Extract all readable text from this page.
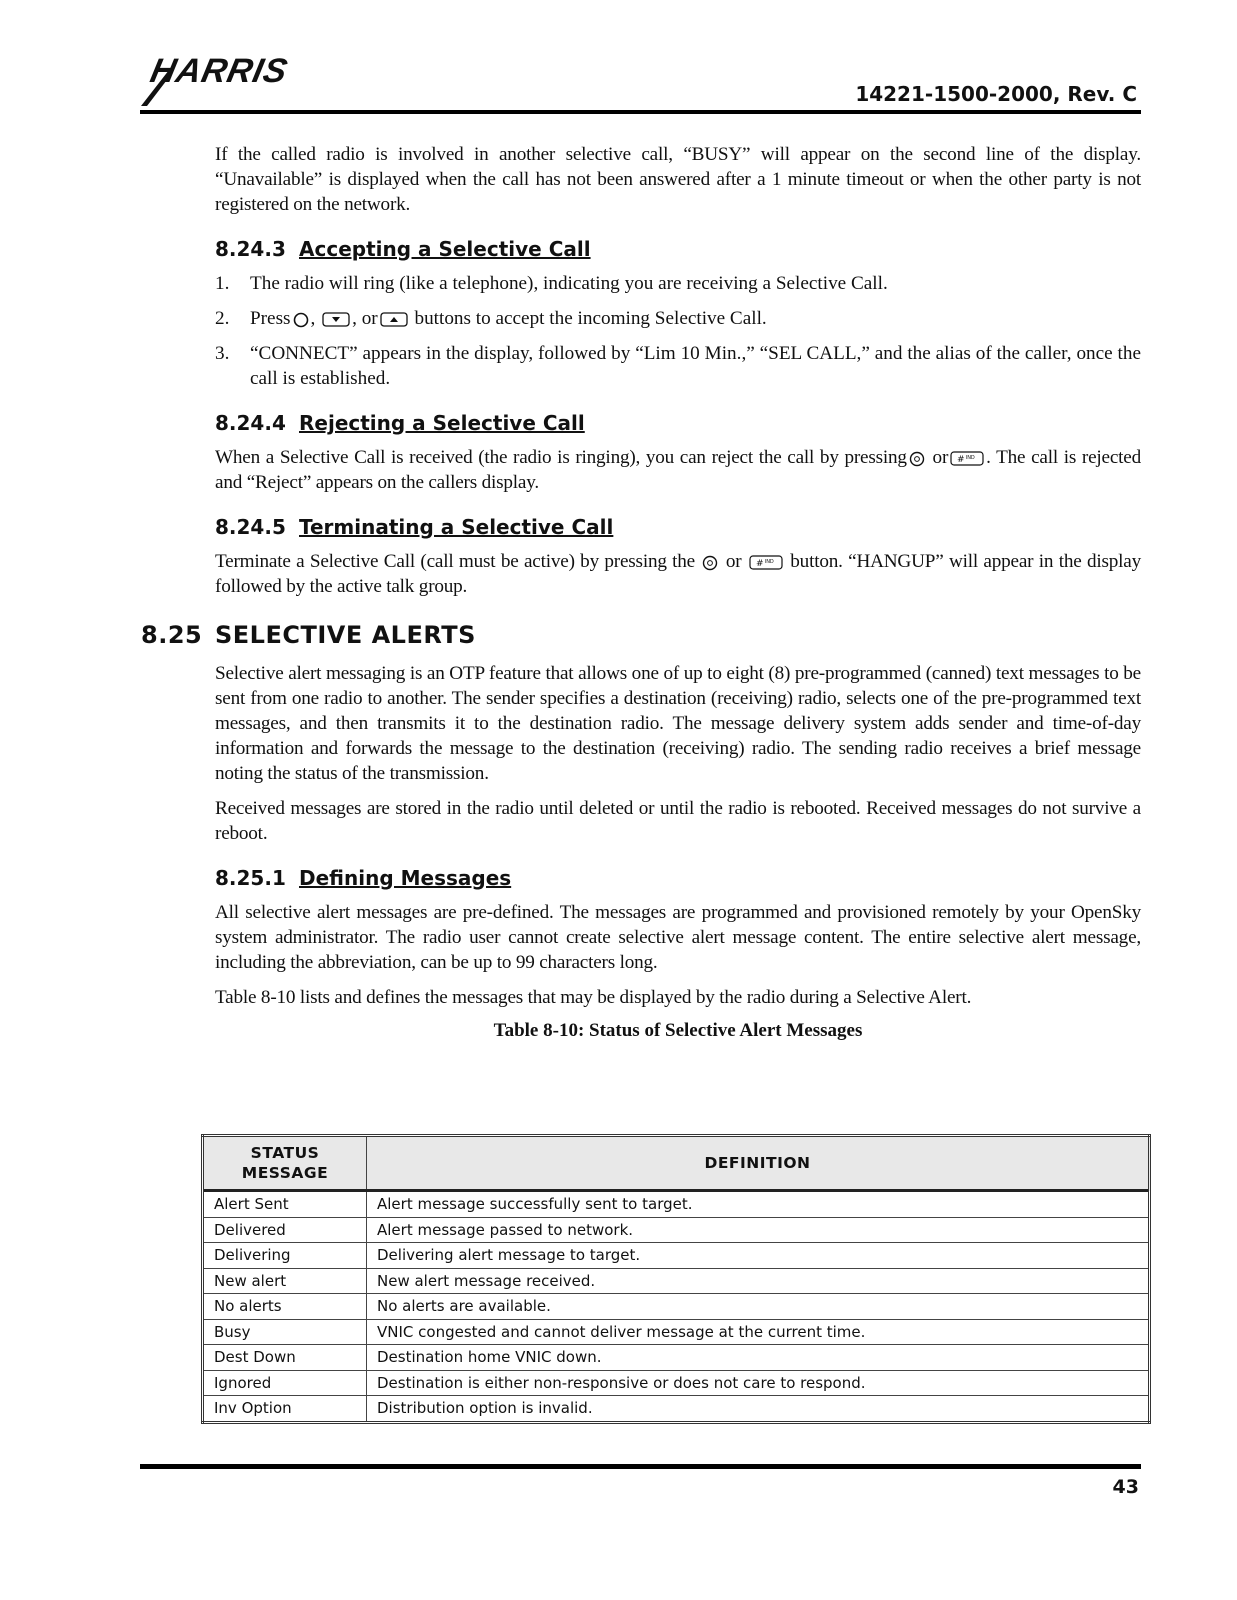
HARRIS
14221-1500-2000, Rev. C

If the called radio is involved in another selective call, “BUSY” will appear on the second line of the display. “Unavailable” is displayed when the call has not been answered after a 1 minute timeout or when the other party is not registered on the network.

8.24.3 Accepting a Selective Call
1. The radio will ring (like a telephone), indicating you are receiving a Selective Call.
2. Press , , or buttons to accept the incoming Selective Call.
3. “CONNECT” appears in the display, followed by “Lim 10 Min.,” “SEL CALL,” and the alias of the caller, once the call is established.
8.24.4 Rejecting a Selective Call

When a Selective Call is received (the radio is ringing), you can reject the call by pressing or # IND . The call is rejected and “Reject” appears on the callers display.

8.24.5 Terminating a Selective Call

Terminate a Selective Call (call must be active) by pressing the  or # IND button. “HANGUP” will appear in the display followed by the active talk group.

8.25 SELECTIVE ALERTS

Selective alert messaging is an OTP feature that allows one of up to eight (8) pre-programmed (canned) text messages to be sent from one radio to another. The sender specifies a destination (receiving) radio, selects one of the pre-programmed text messages, and then transmits it to the destination radio. The message delivery system adds sender and time-of-day information and forwards the message to the destination (receiving) radio. The sending radio receives a brief message noting the status of the transmission.

Received messages are stored in the radio until deleted or until the radio is rebooted. Received messages do not survive a reboot.

8.25.1 Defining Messages

All selective alert messages are pre-defined. The messages are programmed and provisioned remotely by your OpenSky system administrator. The radio user cannot create selective alert message content. The entire selective alert message, including the abbreviation, can be up to 99 characters long.

Table 8-10 lists and defines the messages that may be displayed by the radio during a Selective Alert.

Table 8-10: Status of Selective Alert Messages
STATUS
MESSAGE	DEFINITION
Alert Sent	Alert message successfully sent to target.
Delivered	Alert message passed to network.
Delivering	Delivering alert message to target.
New alert	New alert message received.
No alerts	No alerts are available.
Busy	VNIC congested and cannot deliver message at the current time.
Dest Down	Destination home VNIC down.
Ignored	Destination is either non-responsive or does not care to respond.
Inv Option	Distribution option is invalid.
43
